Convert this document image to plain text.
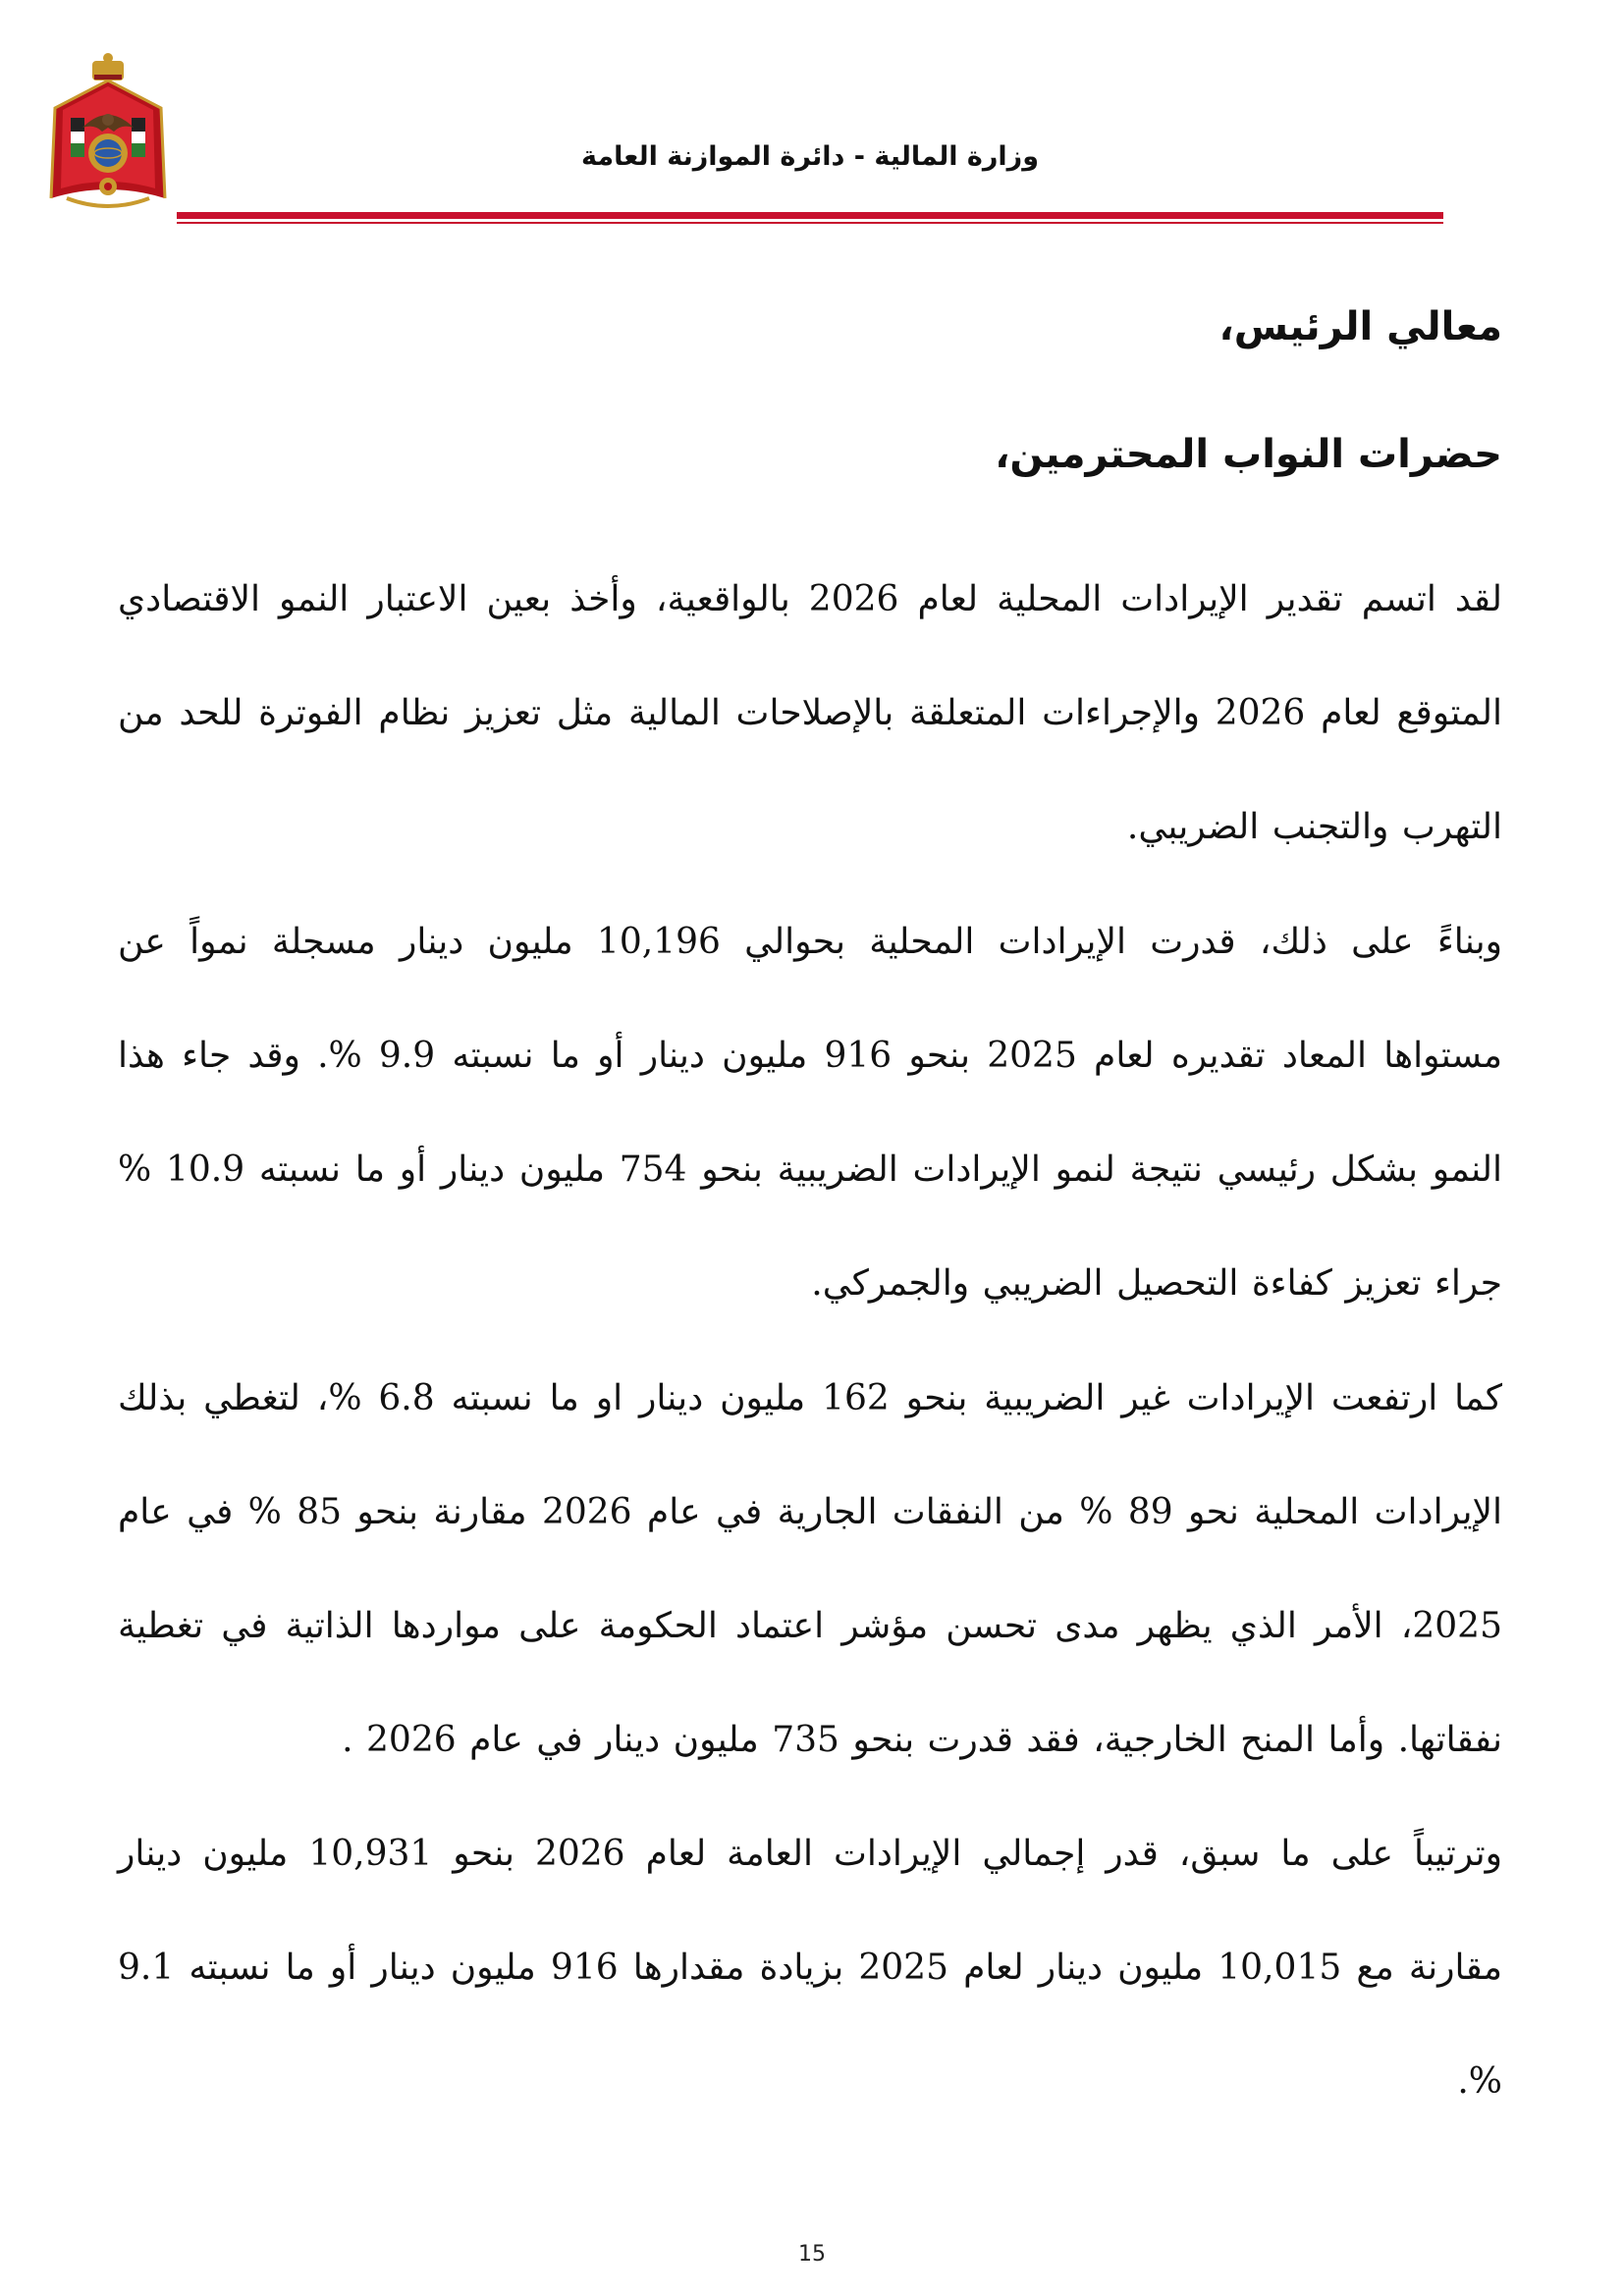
وزارة المالية - دائرة الموازنة العامة
معالي الرئيس،
حضرات النواب المحترمين،
لقد اتسم تقدير الإيرادات المحلية لعام 2026 بالواقعية، وأخذ بعين الاعتبار النمو الاقتصادي المتوقع لعام 2026 والإجراءات المتعلقة بالإصلاحات المالية مثل تعزيز نظام الفوترة للحد من التهرب والتجنب الضريبي.
وبناءً على ذلك، قدرت الإيرادات المحلية بحوالي 10,196 مليون دينار مسجلة نمواً عن مستواها المعاد تقديره لعام 2025 بنحو 916 مليون دينار أو ما نسبته 9.9 %. وقد جاء هذا النمو بشكل رئيسي نتيجة لنمو الإيرادات الضريبية بنحو 754 مليون دينار أو ما نسبته 10.9 % جراء تعزيز كفاءة التحصيل الضريبي والجمركي.
كما ارتفعت الإيرادات غير الضريبية بنحو 162 مليون دينار او ما نسبته 6.8 %، لتغطي بذلك الإيرادات المحلية نحو 89 % من النفقات الجارية في عام 2026 مقارنة بنحو 85 % في عام 2025، الأمر الذي يظهر مدى تحسن مؤشر اعتماد الحكومة على مواردها الذاتية في تغطية نفقاتها. وأما المنح الخارجية، فقد قدرت بنحو 735 مليون دينار في عام 2026 .
وترتيباً على ما سبق، قدر إجمالي الإيرادات العامة لعام 2026 بنحو 10,931 مليون دينار مقارنة مع 10,015 مليون دينار لعام 2025 بزيادة مقدارها 916 مليون دينار أو ما نسبته 9.1 %.
15
